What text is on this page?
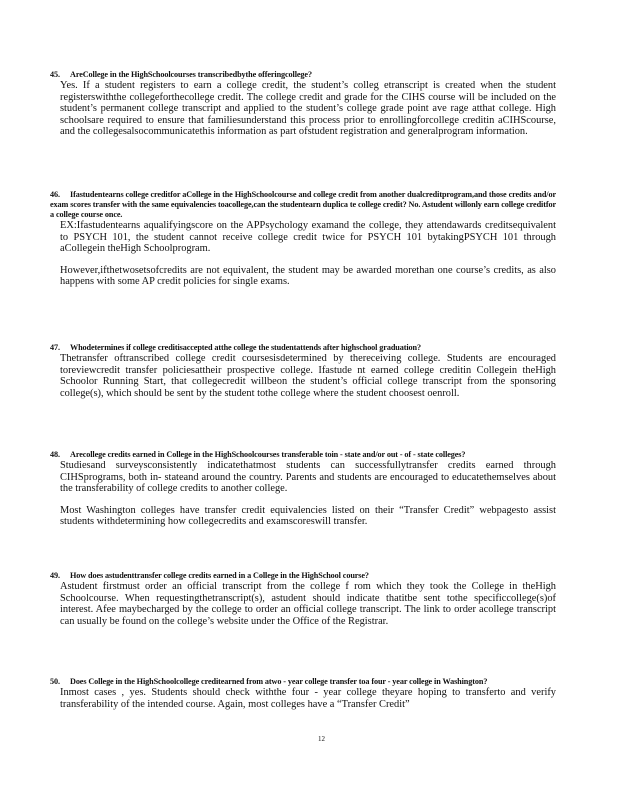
45. AreCollege in the HighSchoolcourses transcribedbythe offeringcollege?

Yes. If a student registers to earn a college credit, the student’s colleg etranscript is created when the student registerswiththe collegeforthecollege credit. The college credit and grade for the CIHS course will be included on the student’s permanent college transcript and applied to the student’s college grade point ave rage atthat college. High schoolsare required to ensure that familiesunderstand this process prior to enrollingforcollege creditin aCIHScourse, and the collegesalsocommunicatethis information as part ofstudent registration and generalprogram information.

46. Ifastudentearns college creditfor aCollege in the HighSchoolcourse and college credit from another dualcreditprogram,and those credits and/or exam scores transfer with the same equivalencies toacollege,can the studentearn duplica te college credit? No. Astudent willonly earn college creditfor a college course once.

EX:Ifastudentearns aqualifyingscore on the APPsychology examand the college, they attendawards creditsequivalent to PSYCH 101, the student cannot receive college credit twice for PSYCH 101 bytakingPSYCH 101 through aCollegein theHigh Schoolprogram.

However,ifthetwosetsofcredits are not equivalent, the student may be awarded morethan one course’s credits, as also happens with some AP credit policies for single exams.

47. Whodetermines if college creditisaccepted atthe college the studentattends after highschool graduation?

Thetransfer oftranscribed college credit coursesisdetermined by thereceiving college. Students are encouraged toreviewcredit transfer policiesattheir prospective college. Ifastude nt earned college creditin Collegein theHigh Schoolor Running Start, that collegecredit willbeon the student’s official college transcript from the sponsoring college(s), which should be sent by the student tothe college where the student choosest oenroll.

48. Arecollege credits earned in College in the HighSchoolcourses transferable toin - state and/or out - of - state colleges?

Studiesand surveysconsistently indicatethatmost students can successfullytransfer credits earned through CIHSprograms, both in- stateand around the country. Parents and students are encouraged to educatethemselves about the transferability of college credits to another college.

Most Washington colleges have transfer credit equivalencies listed on their “Transfer Credit” webpagesto assist students withdetermining how collegecredits and examscoreswill transfer.

49. How does astudenttransfer college credits earned in a College in the HighSchool course?

Astudent firstmust order an official transcript from the college f rom which they took the College in theHigh Schoolcourse. When requestingthetranscript(s), astudent should indicate thatitbe sent tothe specificcollege(s)of interest. Afee maybecharged by the college to order an official college transcript. The link to order acollege transcript can usually be found on the college’s website under the Office of the Registrar.

50. Does College in the HighSchoolcollege creditearned from atwo - year college transfer toa four - year college in Washington?

Inmost cases , yes. Students should check withthe four - year college theyare hoping to transferto and verify transferability of the intended course. Again, most colleges have a “Transfer Credit”

12
